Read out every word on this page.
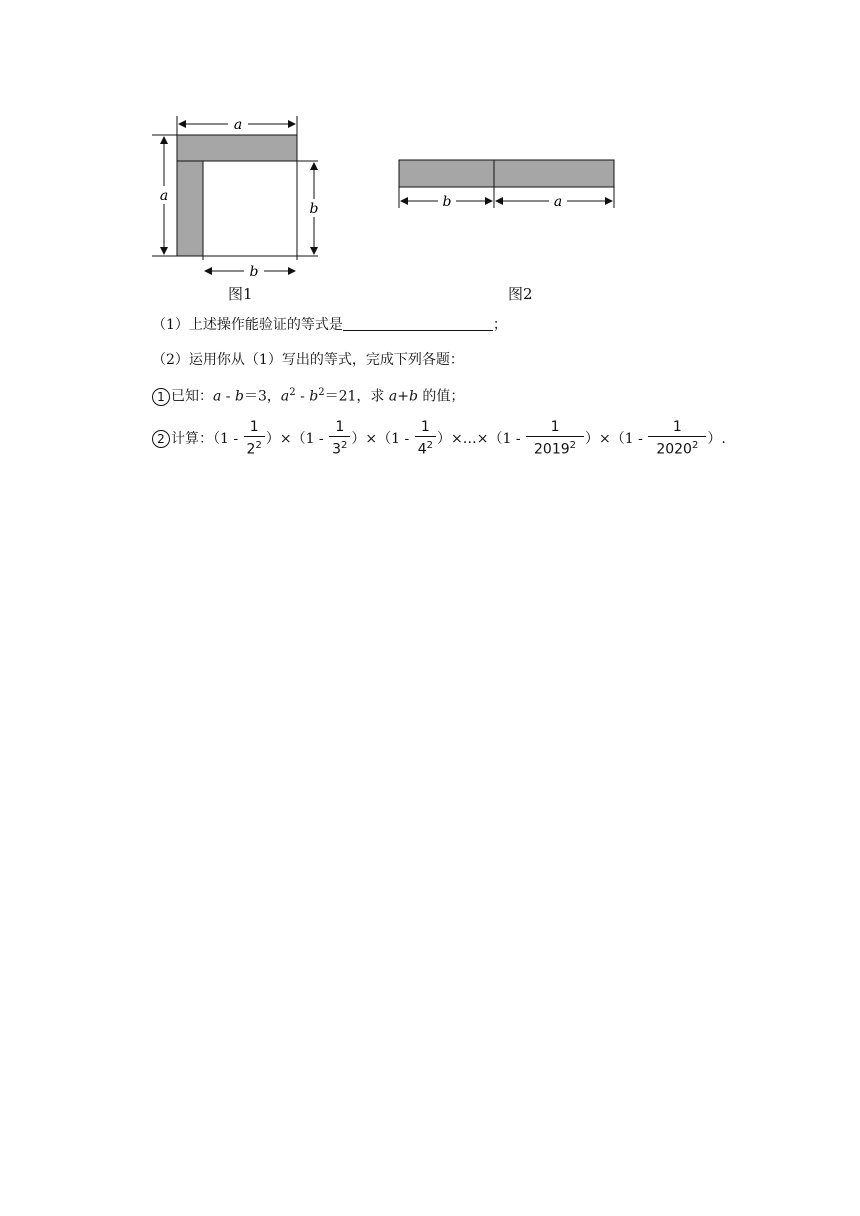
a
a
b
b
图1
b	a
图2
（1）上述操作能验证的等式是	；
（2）运用你从（1）写出的等式，完成下列各题：
1 已知：a - b＝3，$a^2 - b^2=21$，求 a+b 的值；
2 计算：$(1 - \frac{1}{2^2} )\times(1 - \frac{1}{3^2} )\times(1 - \frac{1}{4^2}$ ）×…×（1 - $\frac{1}{2019^2} )\times(1 - \frac{1}{2020^2}$ ）.
